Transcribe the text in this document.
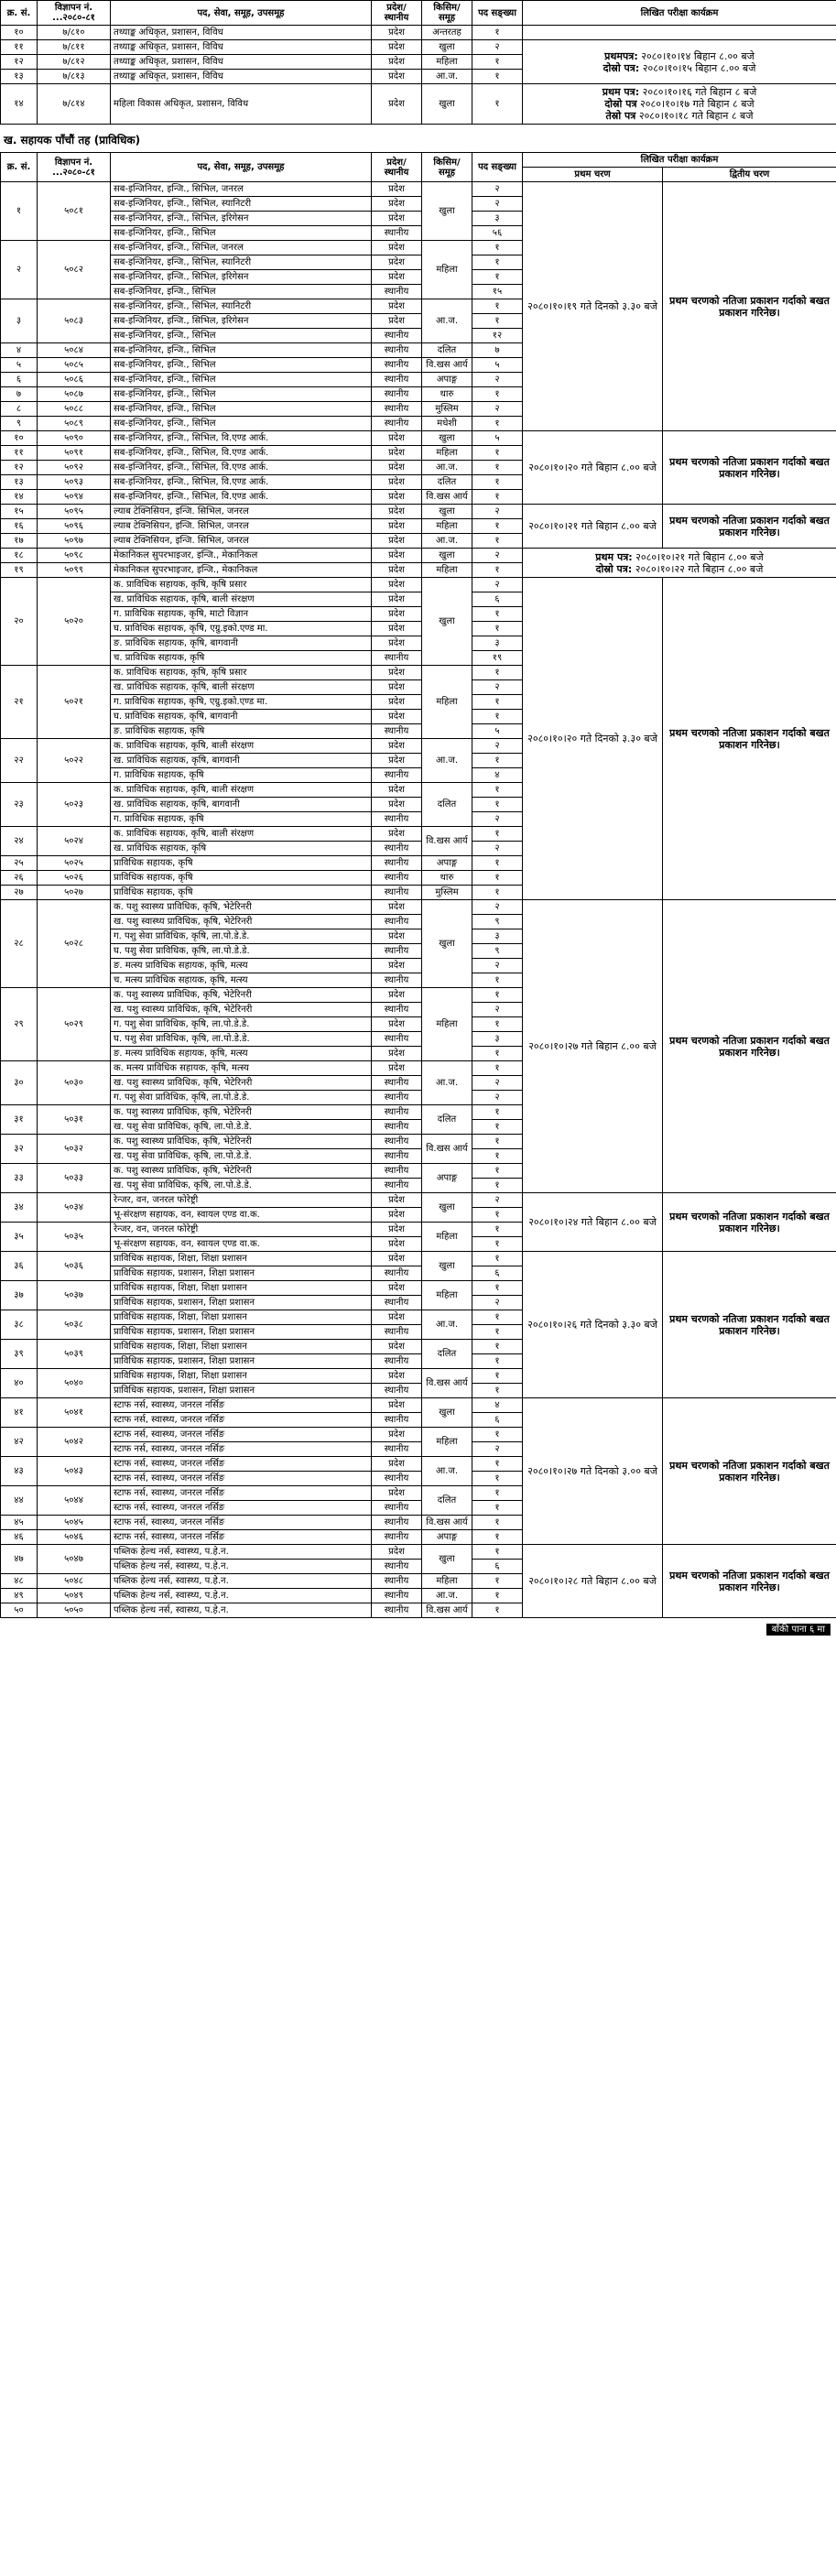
क्र. सं.	विज्ञापन नं. ...२०८०-८१	पद, सेवा, समूह, उपसमूह	प्रदेश/ स्थानीय	किसिम/ समूह	पद सङ्ख्या	लिखित परीक्षा कार्यक्रम
१०	७/८१०	तथ्याङ्क अधिकृत, प्रशासन, विविध	प्रदेश	अन्तरतह	१	
११	७/८११	तथ्याङ्क अधिकृत, प्रशासन, विविध	प्रदेश	खुला	२	प्रथमपत्र: २०८०।१०।१४ बिहान ८.०० बजे
दोस्रो पत्र: २०८०।१०।१५ बिहान ८.०० बजे

१२	७/८१२	तथ्याङ्क अधिकृत, प्रशासन, विविध	प्रदेश	महिला	१	
१३	७/८१३	तथ्याङ्क अधिकृत, प्रशासन, विविध	प्रदेश	आ.ज.	१	
१४	७/८१४	महिला विकास अधिकृत, प्रशासन, विविध	प्रदेश	खुला	१	प्रथम पत्र: २०८०।१०।१६ गते बिहान ८ बजे
दोस्रो पत्र २०८०।१०।१७ गते बिहान ८ बजे
तेस्रो पत्र २०८०।१०।१८ गते बिहान ८ बजे
ख. सहायक पाँचौं तह (प्राविधिक)
क्र. सं.	विज्ञापन नं. ...२०८०-८१	पद, सेवा, समूह, उपसमूह	प्रदेश/ स्थानीय	किसिम/ समूह	पद सङ्ख्या	लिखित परीक्षा कार्यक्रम	
						प्रथम चरण	द्वितीय चरण
१	५०८१	सब-इन्जिनियर, इन्जि., सिभिल, जनरल	प्रदेश	खुला	२	२०८०।१०।१९ गते दिनको ३.३० बजे	प्रथम चरणको नतिजा प्रकाशन गर्दाको बखत प्रकाशन गरिनेछ।
		सब-इन्जिनियर, इन्जि., सिभिल, स्यानिटरी	प्रदेश		२		
		सब-इन्जिनियर, इन्जि., सिभिल, इरिगेसन	प्रदेश		३		
		सब-इन्जिनियर, इन्जि., सिभिल	स्थानीय		५६		
२	५०८२	सब-इन्जिनियर, इन्जि., सिभिल, जनरल	प्रदेश	महिला	१		
		सब-इन्जिनियर, इन्जि., सिभिल, स्यानिटरी	प्रदेश		१		
		सब-इन्जिनियर, इन्जि., सिभिल, इरिगेसन	प्रदेश		१		
		सब-इन्जिनियर, इन्जि., सिभिल	स्थानीय		१५		
३	५०८३	सब-इन्जिनियर, इन्जि., सिभिल, स्यानिटरी	प्रदेश	आ.ज.	१		
		सब-इन्जिनियर, इन्जि., सिभिल, इरिगेसन	प्रदेश		१		
		सब-इन्जिनियर, इन्जि., सिभिल	स्थानीय		१२		
४	५०८४	सब-इन्जिनियर, इन्जि., सिभिल	स्थानीय	दलित	७		
५	५०८५	सब-इन्जिनियर, इन्जि., सिभिल	स्थानीय	वि.खस आर्य	५		
६	५०८६	सब-इन्जिनियर, इन्जि., सिभिल	स्थानीय	अपाङ्ग	२		
७	५०८७	सब-इन्जिनियर, इन्जि., सिभिल	स्थानीय	थारु	१		
८	५०८८	सब-इन्जिनियर, इन्जि., सिभिल	स्थानीय	मुस्लिम	२		
९	५०८९	सब-इन्जिनियर, इन्जि., सिभिल	स्थानीय	मधेशी	१		
१०	५०९०	सब-इन्जिनियर, इन्जि., सिभिल, वि.एण्ड आर्क.	प्रदेश	खुला	५	२०८०।१०।२० गते बिहान ८.०० बजे	प्रथम चरणको नतिजा प्रकाशन गर्दाको बखत प्रकाशन गरिनेछ।
११	५०९१	सब-इन्जिनियर, इन्जि., सिभिल, वि.एण्ड आर्क.	प्रदेश	महिला	१		
१२	५०९२	सब-इन्जिनियर, इन्जि., सिभिल, वि.एण्ड आर्क.	प्रदेश	आ.ज.	१		
१३	५०९३	सब-इन्जिनियर, इन्जि., सिभिल, वि.एण्ड आर्क.	प्रदेश	दलित	१		
१४	५०९४	सब-इन्जिनियर, इन्जि., सिभिल, वि.एण्ड आर्क.	प्रदेश	वि.खस आर्य	१		
१५	५०९५	ल्याब टेक्निसियन, इन्जि. सिभिल, जनरल	प्रदेश	खुला	२	२०८०।१०।२१ गते बिहान ८.०० बजे	प्रथम चरणको नतिजा प्रकाशन गर्दाको बखत प्रकाशन गरिनेछ।
१६	५०९६	ल्याब टेक्निसियन, इन्जि. सिभिल, जनरल	प्रदेश	महिला	१		
१७	५०९७	ल्याब टेक्निसियन, इन्जि. सिभिल, जनरल	प्रदेश	आ.ज.	१		
१८	५०९८	मेकानिकल सुपरभाइजर, इन्जि., मेकानिकल	प्रदेश	खुला	२	प्रथम पत्र: २०८०।१०।२१ गते बिहान ८.०० बजे
दोस्रो पत्र: २०८०।१०।२२ गते बिहान ८.०० बजे	

१९	५०९९	मेकानिकल सुपरभाइजर, इन्जि., मेकानिकल	प्रदेश	महिला	१		
२०	५०२०	क. प्राविधिक सहायक, कृषि, कृषि प्रसार	प्रदेश	खुला	२	२०८०।१०।२० गते दिनको ३.३० बजे	प्रथम चरणको नतिजा प्रकाशन गर्दाको बखत प्रकाशन गरिनेछ।
		ख. प्राविधिक सहायक, कृषि, बाली संरक्षण	प्रदेश		६		
		ग. प्राविधिक सहायक, कृषि, माटो विज्ञान	प्रदेश		१		
		घ. प्राविधिक सहायक, कृषि, एग्रु.इको.एण्ड मा.	प्रदेश		१		
		ङ. प्राविधिक सहायक, कृषि, बागवानी	प्रदेश		३		
		च. प्राविधिक सहायक, कृषि	स्थानीय		१९		
२१	५०२१	क. प्राविधिक सहायक, कृषि, कृषि प्रसार	प्रदेश	महिला	१		
		ख. प्राविधिक सहायक, कृषि, बाली संरक्षण	प्रदेश		२		
		ग. प्राविधिक सहायक, कृषि, एग्रु.इको.एण्ड मा.	प्रदेश		१		
		घ. प्राविधिक सहायक, कृषि, बागवानी	प्रदेश		१		
		ङ. प्राविधिक सहायक, कृषि	स्थानीय		५		
२२	५०२२	क. प्राविधिक सहायक, कृषि, बाली संरक्षण	प्रदेश	आ.ज.	२		
		ख. प्राविधिक सहायक, कृषि, बागवानी	प्रदेश		१		
		ग. प्राविधिक सहायक, कृषि	स्थानीय		४		
२३	५०२३	क. प्राविधिक सहायक, कृषि, बाली संरक्षण	प्रदेश	दलित	१		
		ख. प्राविधिक सहायक, कृषि, बागवानी	प्रदेश		१		
		ग. प्राविधिक सहायक, कृषि	स्थानीय		२		
२४	५०२४	क. प्राविधिक सहायक, कृषि, बाली संरक्षण	प्रदेश	वि.खस आर्य	१		
		ख. प्राविधिक सहायक, कृषि	स्थानीय		२		
२५	५०२५	प्राविधिक सहायक, कृषि	स्थानीय	अपाङ्ग	१		
२६	५०२६	प्राविधिक सहायक, कृषि	स्थानीय	थारु	१		
२७	५०२७	प्राविधिक सहायक, कृषि	स्थानीय	मुस्लिम	१		
२८	५०२८	क. पशु स्वास्थ्य प्राविधिक, कृषि, भेटेरिनरी	प्रदेश	खुला	२	२०८०।१०।२७ गते बिहान ८.०० बजे	प्रथम चरणको नतिजा प्रकाशन गर्दाको बखत प्रकाशन गरिनेछ।
		ख. पशु स्वास्थ्य प्राविधिक, कृषि, भेटेरिनरी	स्थानीय		९		
		ग. पशु सेवा प्राविधिक, कृषि, ला.पो.डे.डे.	प्रदेश		३		
		घ. पशु सेवा प्राविधिक, कृषि, ला.पो.डे.डे.	स्थानीय		९		
		ङ. मत्स्य प्राविधिक सहायक, कृषि, मत्स्य	प्रदेश		२		
		च. मत्स्य प्राविधिक सहायक, कृषि, मत्स्य	स्थानीय		१		
२९	५०२९	क. पशु स्वास्थ्य प्राविधिक, कृषि, भेटेरिनरी	प्रदेश	महिला	१		
		ख. पशु स्वास्थ्य प्राविधिक, कृषि, भेटेरिनरी	स्थानीय		२		
		ग. पशु सेवा प्राविधिक, कृषि, ला.पो.डे.डे.	प्रदेश		१		
		घ. पशु सेवा प्राविधिक, कृषि, ला.पो.डे.डे.	स्थानीय		३		
		ङ. मत्स्य प्राविधिक सहायक, कृषि, मत्स्य	प्रदेश		१		
३०	५०३०	क. मत्स्य प्राविधिक सहायक, कृषि, मत्स्य	प्रदेश	आ.ज.	१		
		ख. पशु स्वास्थ्य प्राविधिक, कृषि, भेटेरिनरी	स्थानीय		२		
		ग. पशु सेवा प्राविधिक, कृषि, ला.पो.डे.डे.	स्थानीय		२		
३१	५०३१	क. पशु स्वास्थ्य प्राविधिक, कृषि, भेटेरिनरी	स्थानीय	दलित	१		
		ख. पशु सेवा प्राविधिक, कृषि, ला.पो.डे.डे.	स्थानीय		१		
३२	५०३२	क. पशु स्वास्थ्य प्राविधिक, कृषि, भेटेरिनरी	स्थानीय	वि.खस आर्य	१		
		ख. पशु सेवा प्राविधिक, कृषि, ला.पो.डे.डे.	स्थानीय		१		
३३	५०३३	क. पशु स्वास्थ्य प्राविधिक, कृषि, भेटेरिनरी	स्थानीय	अपाङ्ग	१		
		ख. पशु सेवा प्राविधिक, कृषि, ला.पो.डे.डे.	स्थानीय		१		
३४	५०३४	रेन्जर, वन, जनरल फोरेष्ट्री	प्रदेश	खुला	२	२०८०।१०।२४ गते बिहान ८.०० बजे	प्रथम चरणको नतिजा प्रकाशन गर्दाको बखत प्रकाशन गरिनेछ।
		भू-संरक्षण सहायक, वन, स्वायल एण्ड वा.क.	प्रदेश		१		
३५	५०३५	रेन्जर, वन, जनरल फोरेष्ट्री	प्रदेश	महिला	१		
		भू-संरक्षण सहायक, वन, स्वायल एण्ड वा.क.	प्रदेश		१		
३६	५०३६	प्राविधिक सहायक, शिक्षा, शिक्षा प्रशासन	प्रदेश	खुला	१	२०८०।१०।२६ गते दिनको ३.३० बजे	प्रथम चरणको नतिजा प्रकाशन गर्दाको बखत प्रकाशन गरिनेछ।
		प्राविधिक सहायक, प्रशासन, शिक्षा प्रशासन	स्थानीय		६		
३७	५०३७	प्राविधिक सहायक, शिक्षा, शिक्षा प्रशासन	प्रदेश	महिला	१		
		प्राविधिक सहायक, प्रशासन, शिक्षा प्रशासन	स्थानीय		२		
३८	५०३८	प्राविधिक सहायक, शिक्षा, शिक्षा प्रशासन	प्रदेश	आ.ज.	१		
		प्राविधिक सहायक, प्रशासन, शिक्षा प्रशासन	स्थानीय		१		
३९	५०३९	प्राविधिक सहायक, शिक्षा, शिक्षा प्रशासन	प्रदेश	दलित	१		
		प्राविधिक सहायक, प्रशासन, शिक्षा प्रशासन	स्थानीय		१		
४०	५०४०	प्राविधिक सहायक, शिक्षा, शिक्षा प्रशासन	प्रदेश	वि.खस आर्य	१		
		प्राविधिक सहायक, प्रशासन, शिक्षा प्रशासन	स्थानीय		१		
४१	५०४१	स्टाफ नर्स, स्वास्थ्य, जनरल नर्सिङ	प्रदेश	खुला	४	२०८०।१०।२७ गते दिनको ३.०० बजे	प्रथम चरणको नतिजा प्रकाशन गर्दाको बखत प्रकाशन गरिनेछ।
		स्टाफ नर्स, स्वास्थ्य, जनरल नर्सिङ	स्थानीय		६		
४२	५०४२	स्टाफ नर्स, स्वास्थ्य, जनरल नर्सिङ	प्रदेश	महिला	१		
		स्टाफ नर्स, स्वास्थ्य, जनरल नर्सिङ	स्थानीय		२		
४३	५०४३	स्टाफ नर्स, स्वास्थ्य, जनरल नर्सिङ	प्रदेश	आ.ज.	१		
		स्टाफ नर्स, स्वास्थ्य, जनरल नर्सिङ	स्थानीय		१		
४४	५०४४	स्टाफ नर्स, स्वास्थ्य, जनरल नर्सिङ	प्रदेश	दलित	१		
		स्टाफ नर्स, स्वास्थ्य, जनरल नर्सिङ	स्थानीय		१		
४५	५०४५	स्टाफ नर्स, स्वास्थ्य, जनरल नर्सिङ	स्थानीय	वि.खस आर्य	१		
४६	५०४६	स्टाफ नर्स, स्वास्थ्य, जनरल नर्सिङ	स्थानीय	अपाङ्ग	१		
४७	५०४७	पब्लिक हेल्थ नर्स, स्वास्थ्य, प.हे.न.	प्रदेश	खुला	१	२०८०।१०।२८ गते बिहान ८.०० बजे	प्रथम चरणको नतिजा प्रकाशन गर्दाको बखत प्रकाशन गरिनेछ।
		पब्लिक हेल्थ नर्स, स्वास्थ्य, प.हे.न.	स्थानीय		६		
४८	५०४८	पब्लिक हेल्थ नर्स, स्वास्थ्य, प.हे.न.	स्थानीय	महिला	१		
४९	५०४९	पब्लिक हेल्थ नर्स, स्वास्थ्य, प.हे.न.	स्थानीय	आ.ज.	१		
५०	५०५०	पब्लिक हेल्थ नर्स, स्वास्थ्य, प.हे.न.	स्थानीय	वि.खस आर्य	१		
बाँकी पाना ६ मा
